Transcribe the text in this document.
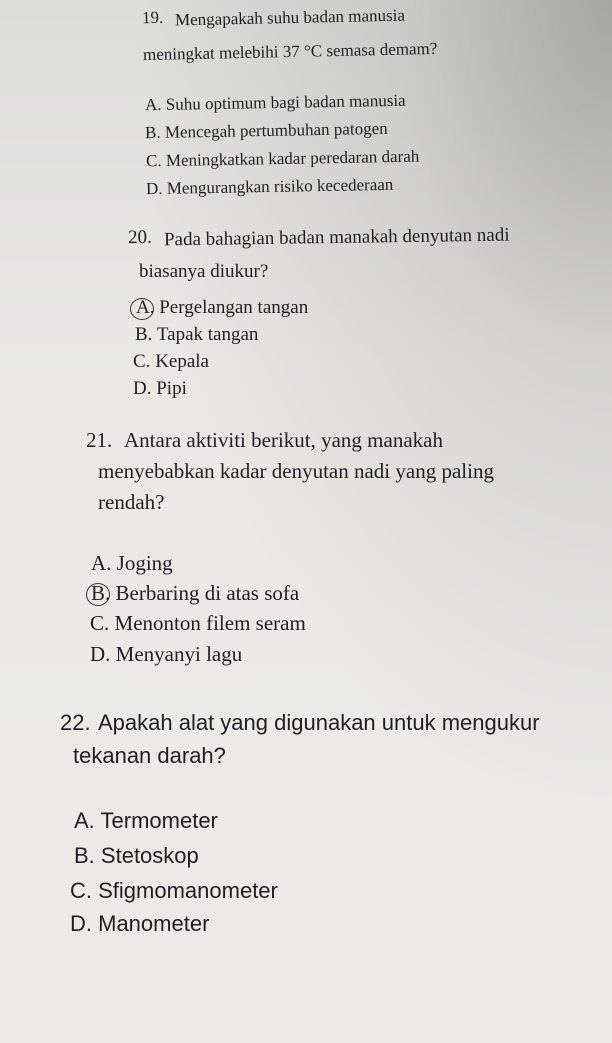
19. Mengapakah suhu badan manusia
meningkat melebihi 37 °C semasa demam?
A. Suhu optimum bagi badan manusia
B. Mencegah pertumbuhan patogen
C. Meningkatkan kadar peredaran darah
D. Mengurangkan risiko kecederaan
20. Pada bahagian badan manakah denyutan nadi
biasanya diukur?
A. Pergelangan tangan
B. Tapak tangan
C. Kepala
D. Pipi
21. Antara aktiviti berikut, yang manakah
menyebabkan kadar denyutan nadi yang paling
rendah?
A. Joging
B. Berbaring di atas sofa
C. Menonton filem seram
D. Menyanyi lagu
22. Apakah alat yang digunakan untuk mengukur
tekanan darah?
A. Termometer
B. Stetoskop
C. Sfigmomanometer
D. Manometer
